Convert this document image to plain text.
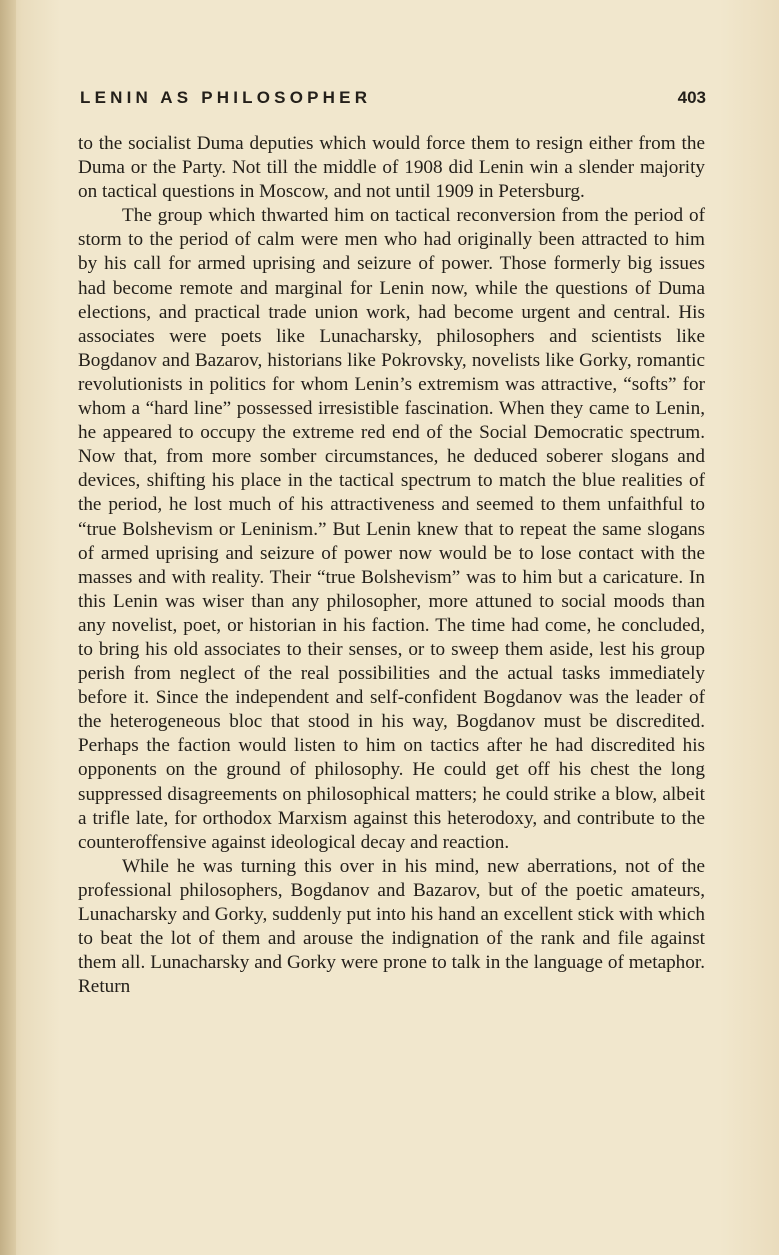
LENIN AS PHILOSOPHER	403

to the socialist Duma deputies which would force them to resign either from the Duma or the Party. Not till the middle of 1908 did Lenin win a slender majority on tactical questions in Moscow, and not until 1909 in Petersburg.

The group which thwarted him on tactical reconversion from the period of storm to the period of calm were men who had originally been attracted to him by his call for armed uprising and seizure of power. Those formerly big issues had become remote and marginal for Lenin now, while the questions of Duma elections, and practical trade union work, had become urgent and central. His associates were poets like Lunacharsky, philosophers and scientists like Bogdanov and Bazarov, historians like Pokrovsky, novelists like Gorky, romantic revolutionists in politics for whom Lenin’s extremism was attractive, “softs” for whom a “hard line” possessed irresistible fascination. When they came to Lenin, he appeared to occupy the extreme red end of the Social Democratic spectrum. Now that, from more somber circumstances, he deduced soberer slogans and devices, shifting his place in the tactical spectrum to match the blue realities of the period, he lost much of his attractiveness and seemed to them unfaithful to “true Bolshevism or Leninism.” But Lenin knew that to repeat the same slogans of armed uprising and seizure of power now would be to lose contact with the masses and with reality. Their “true Bolshevism” was to him but a caricature. In this Lenin was wiser than any philosopher, more attuned to social moods than any novelist, poet, or historian in his faction. The time had come, he concluded, to bring his old associates to their senses, or to sweep them aside, lest his group perish from neglect of the real possibilities and the actual tasks immediately before it. Since the independent and self-confident Bogdanov was the leader of the heterogeneous bloc that stood in his way, Bogdanov must be discredited. Perhaps the faction would listen to him on tactics after he had discredited his opponents on the ground of philosophy. He could get off his chest the long suppressed disagreements on philosophical matters; he could strike a blow, albeit a trifle late, for orthodox Marxism against this heterodoxy, and contribute to the counteroffensive against ideological decay and reaction.

While he was turning this over in his mind, new aberrations, not of the professional philosophers, Bogdanov and Bazarov, but of the poetic amateurs, Lunacharsky and Gorky, suddenly put into his hand an excellent stick with which to beat the lot of them and arouse the indignation of the rank and file against them all. Lunacharsky and Gorky were prone to talk in the language of metaphor. Return
